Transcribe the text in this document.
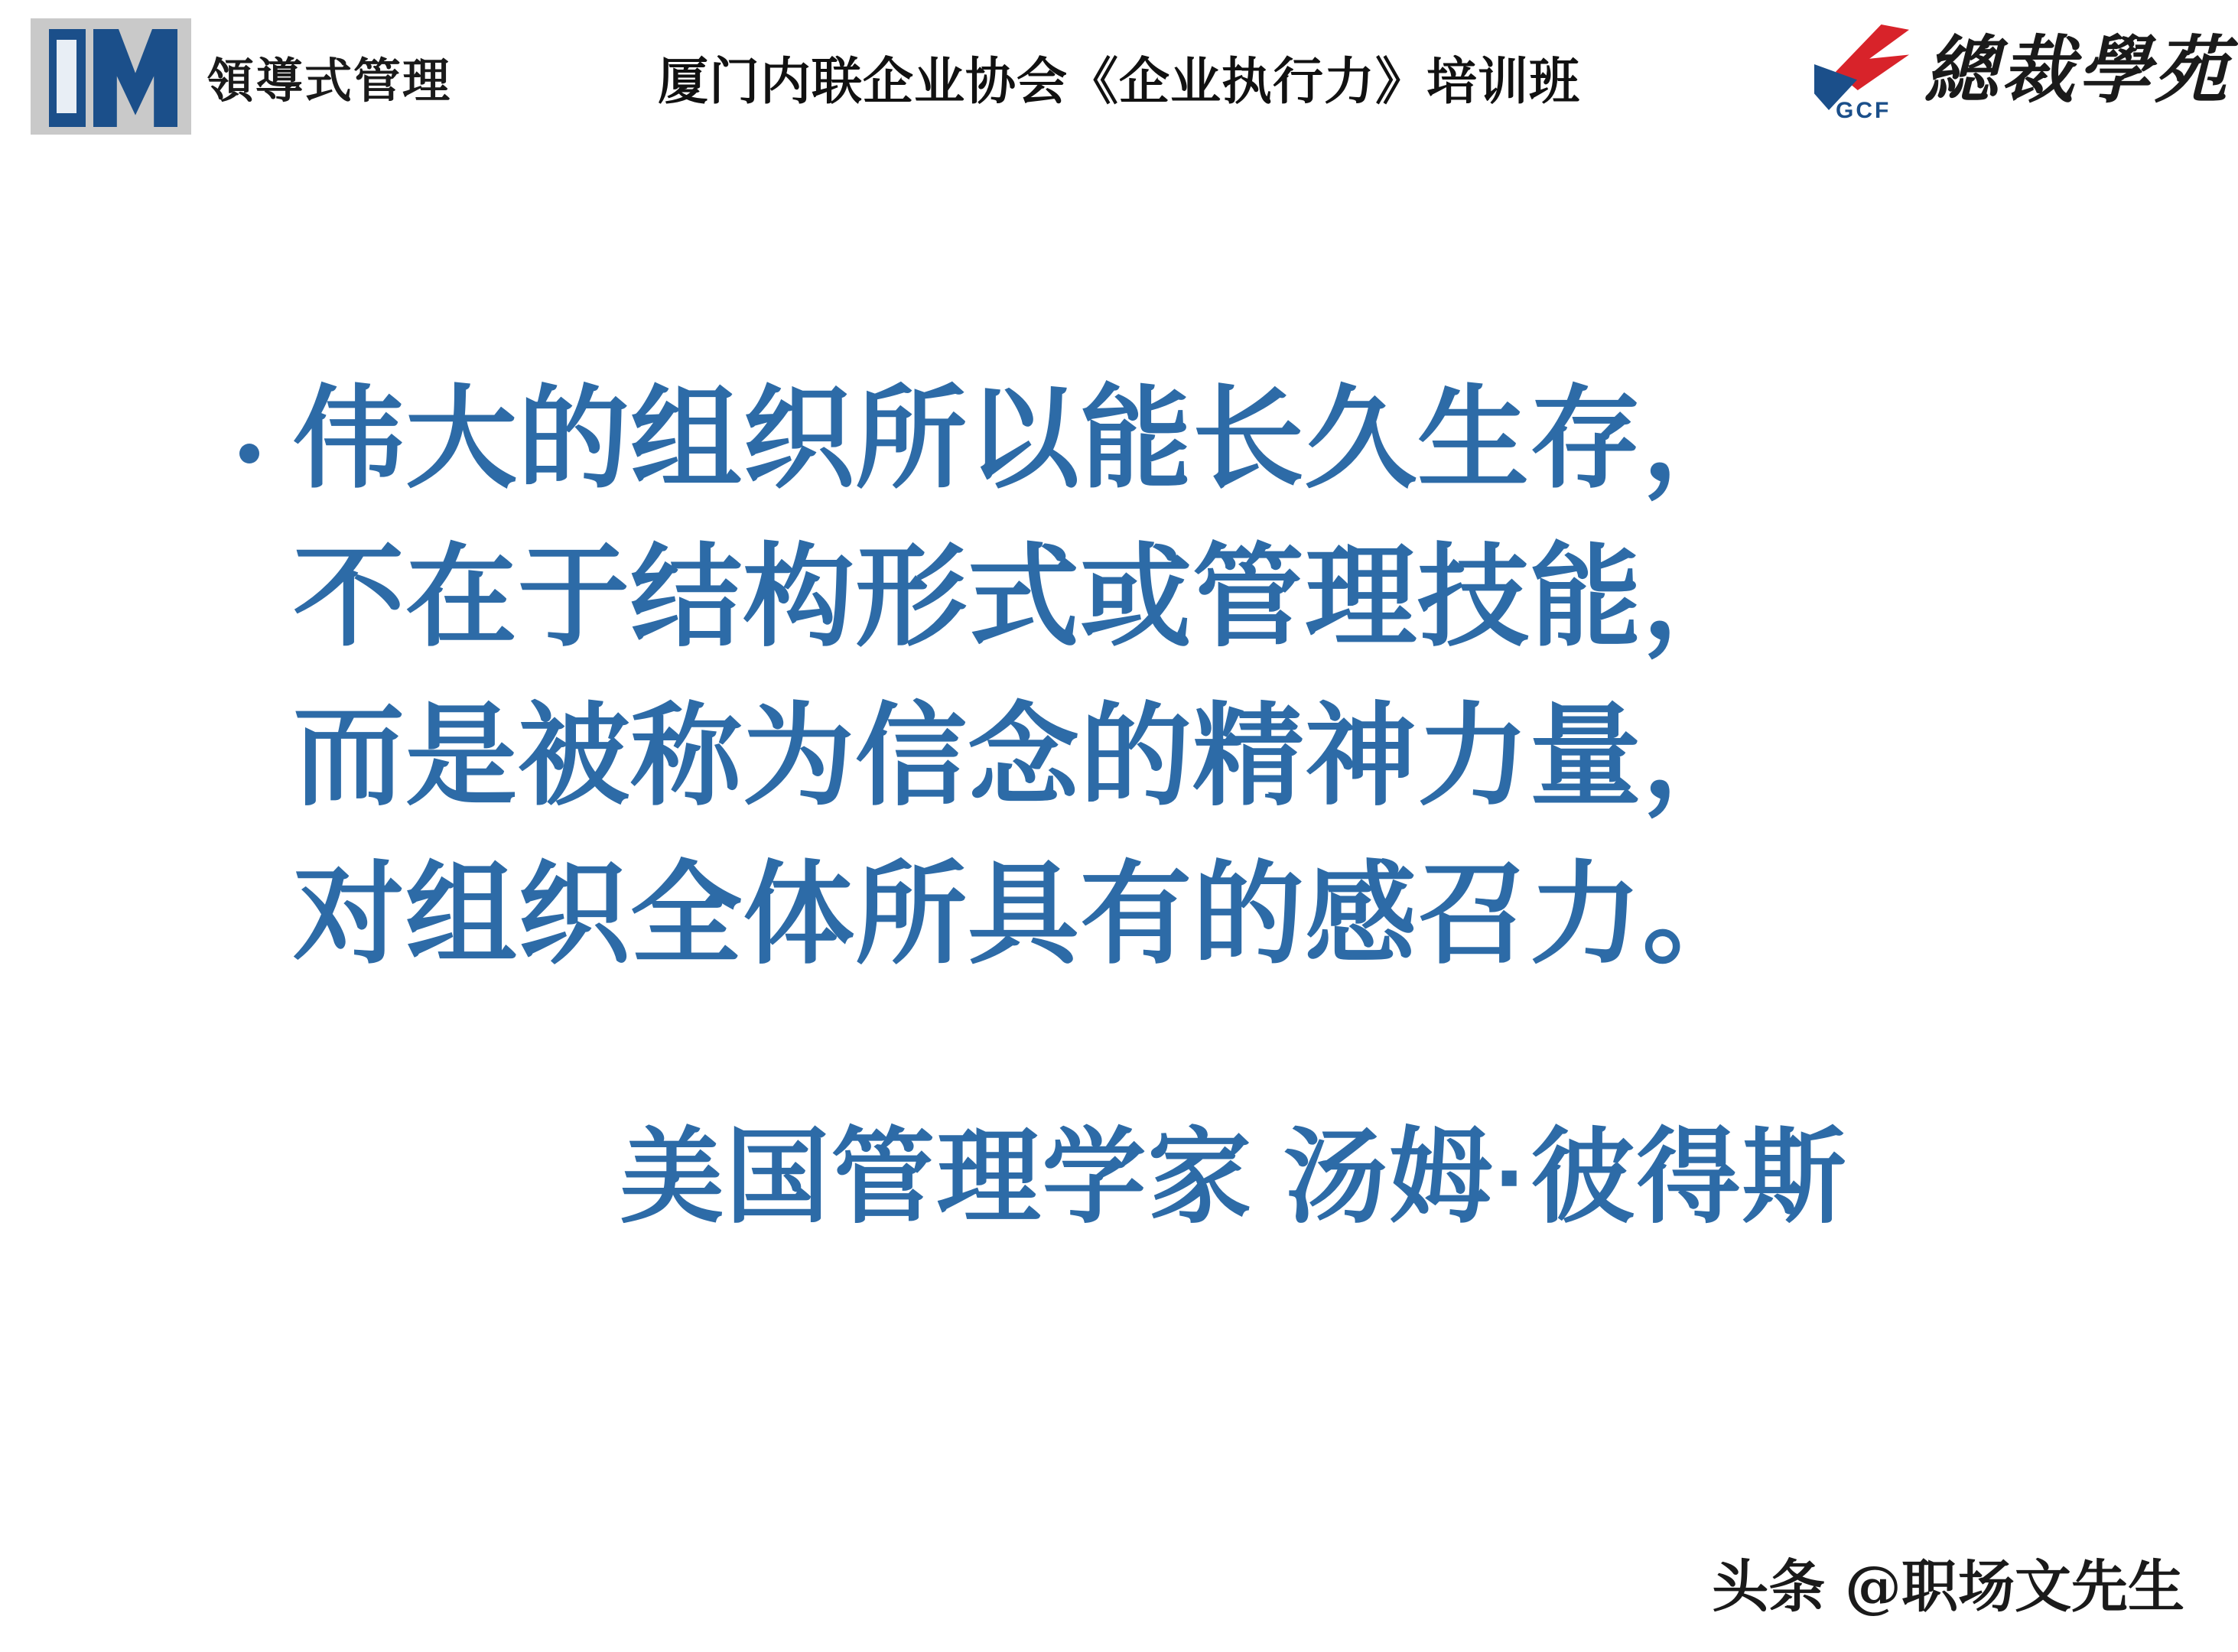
領導式管理	厦门内联企业协会《企业执行力》培训班
GCF 總裁學苑
伟大的组织所以能长久生存，
不在于结构形式或管理技能，
而是被称为信念的精神力量，
对组织全体所具有的感召力。
美国管理学家 汤姆·彼得斯
头条 @职场文先生
